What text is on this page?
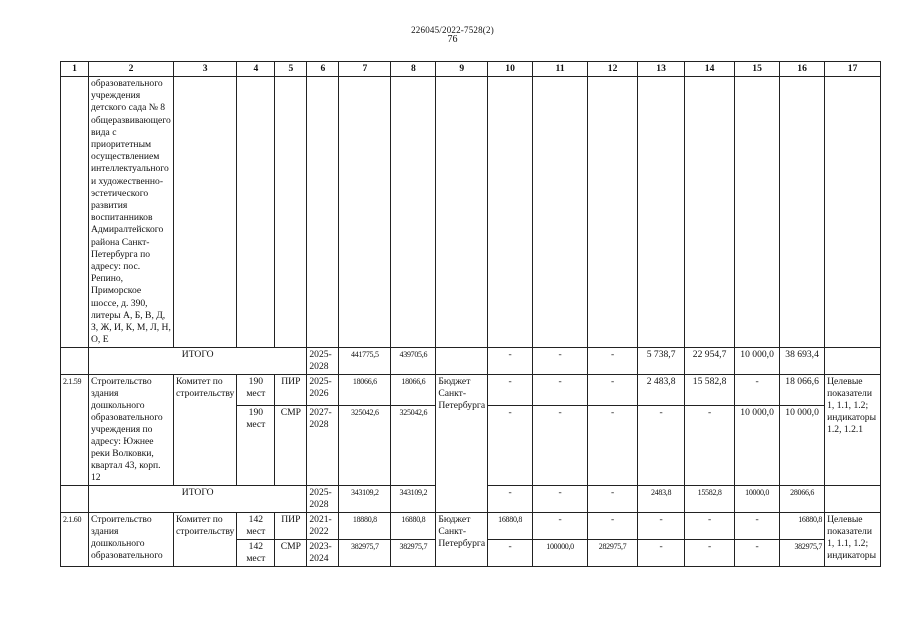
226045/2022-7528(2)
76
1	2	3	4	5	6	7	8	9	10	11	12	13	14	15	16	17
	образовательного учреждения детского сада № 8 общеразвивающего вида с приоритетным осуществлением интеллектуального и художественно-эстетического развития воспитанников Адмиралтейского района Санкт-Петербурга по адресу: пос. Репино, Приморское шоссе, д. 390, литеры А, Б, В, Д, З, Ж, И, К, М, Л, Н, О, Е															
	ИТОГО				2025-2028	441775,5	439705,6		-	-	-	5 738,7	22 954,7	10 000,0	38 693,4	
2.1.59	Строительство здания дошкольного образовательного учреждения по адресу: Южнее реки Волковки, квартал 43, корп. 12	Комитет по строительству	190 мест	ПИР	2025-2026	18066,6	18066,6	Бюджет Санкт-Петербурга	-	-	-	2 483,8	15 582,8	-	18 066,6	Целевые показатели 1, 1.1, 1.2; индикаторы 1.2, 1.2.1
			190 мест	СМР	2027-2028	325042,6	325042,6		-	-	-	-	-	10 000,0	10 000,0	
	ИТОГО				2025-2028	343109,2	343109,2		-	-	-	2483,8	15582,8	10000,0	28066,6	
2.1.60	Строительство здания дошкольного образовательного	Комитет по строительству	142 мест	ПИР	2021-2022	18880,8	16880,8	Бюджет Санкт-Петербурга	16880,8	-	-	-	-	-	16880,8	Целевые показатели 1, 1.1, 1.2; индикаторы
			142 мест	СМР	2023-2024	382975,7	382975,7		-	100000,0	282975,7	-	-	-	382975,7	
